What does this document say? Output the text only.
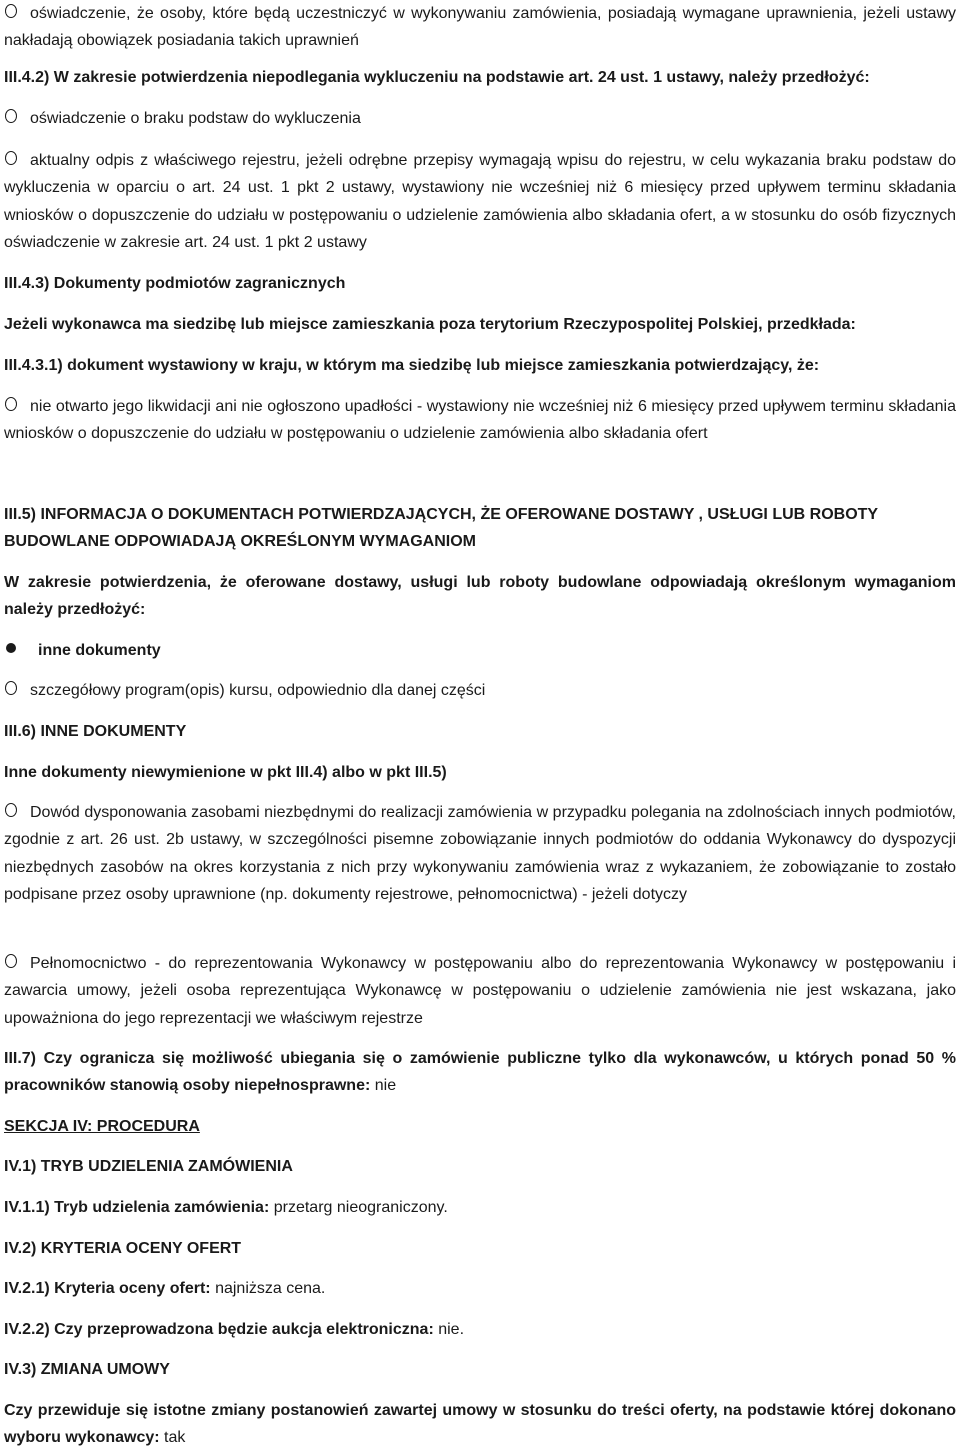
oświadczenie, że osoby, które będą uczestniczyć w wykonywaniu zamówienia, posiadają wymagane uprawnienia, jeżeli ustawy nakładają obowiązek posiadania takich uprawnień

III.4.2) W zakresie potwierdzenia niepodlegania wykluczeniu na podstawie art. 24 ust. 1 ustawy, należy przedłożyć:

oświadczenie o braku podstaw do wykluczenia

aktualny odpis z właściwego rejestru, jeżeli odrębne przepisy wymagają wpisu do rejestru, w celu wykazania braku podstaw do wykluczenia w oparciu o art. 24 ust. 1 pkt 2 ustawy, wystawiony nie wcześniej niż 6 miesięcy przed upływem terminu składania wniosków o dopuszczenie do udziału w postępowaniu o udzielenie zamówienia albo składania ofert, a w stosunku do osób fizycznych oświadczenie w zakresie art. 24 ust. 1 pkt 2 ustawy

III.4.3) Dokumenty podmiotów zagranicznych

Jeżeli wykonawca ma siedzibę lub miejsce zamieszkania poza terytorium Rzeczypospolitej Polskiej, przedkłada:

III.4.3.1) dokument wystawiony w kraju, w którym ma siedzibę lub miejsce zamieszkania potwierdzający, że:

nie otwarto jego likwidacji ani nie ogłoszono upadłości - wystawiony nie wcześniej niż 6 miesięcy przed upływem terminu składania wniosków o dopuszczenie do udziału w postępowaniu o udzielenie zamówienia albo składania ofert

III.5) INFORMACJA O DOKUMENTACH POTWIERDZAJĄCYCH, ŻE OFEROWANE DOSTAWY , USŁUGI LUB ROBOTY BUDOWLANE ODPOWIADAJĄ OKREŚLONYM WYMAGANIOM

W zakresie potwierdzenia, że oferowane dostawy, usługi lub roboty budowlane odpowiadają określonym wymaganiom należy przedłożyć:

inne dokumenty

szczegółowy program(opis) kursu, odpowiednio dla danej części

III.6) INNE DOKUMENTY

Inne dokumenty niewymienione w pkt III.4) albo w pkt III.5)

Dowód dysponowania zasobami niezbędnymi do realizacji zamówienia w przypadku polegania na zdolnościach innych podmiotów, zgodnie z art. 26 ust. 2b ustawy, w szczególności pisemne zobowiązanie innych podmiotów do oddania Wykonawcy do dyspozycji niezbędnych zasobów na okres korzystania z nich przy wykonywaniu zamówienia wraz z wykazaniem, że zobowiązanie to zostało podpisane przez osoby uprawnione (np. dokumenty rejestrowe, pełnomocnictwa) - jeżeli dotyczy

Pełnomocnictwo - do reprezentowania Wykonawcy w postępowaniu albo do reprezentowania Wykonawcy w postępowaniu i zawarcia umowy, jeżeli osoba reprezentująca Wykonawcę w postępowaniu o udzielenie zamówienia nie jest wskazana, jako upoważniona do jego reprezentacji we właściwym rejestrze

III.7) Czy ogranicza się możliwość ubiegania się o zamówienie publiczne tylko dla wykonawców, u których ponad 50 % pracowników stanowią osoby niepełnosprawne: nie

SEKCJA IV: PROCEDURA

IV.1) TRYB UDZIELENIA ZAMÓWIENIA

IV.1.1) Tryb udzielenia zamówienia: przetarg nieograniczony.

IV.2) KRYTERIA OCENY OFERT

IV.2.1) Kryteria oceny ofert: najniższa cena.

IV.2.2) Czy przeprowadzona będzie aukcja elektroniczna: nie.

IV.3) ZMIANA UMOWY

Czy przewiduje się istotne zmiany postanowień zawartej umowy w stosunku do treści oferty, na podstawie której dokonano wyboru wykonawcy: tak
